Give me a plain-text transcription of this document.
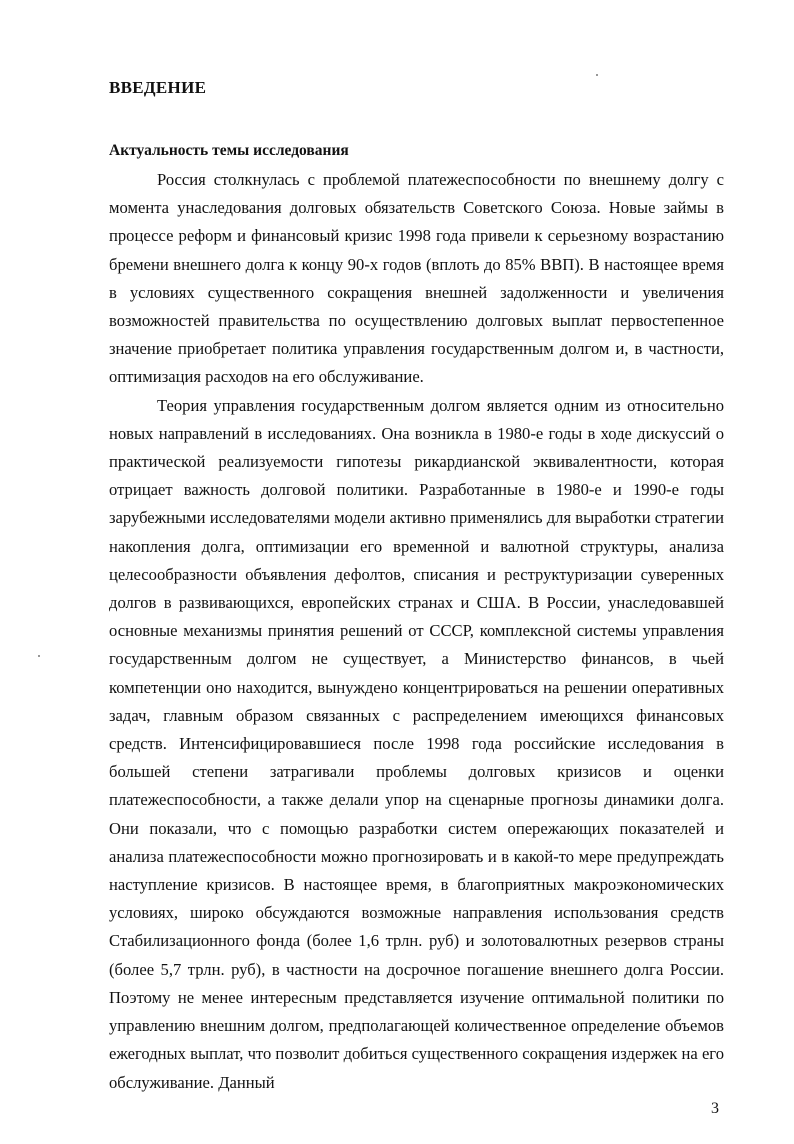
ВВЕДЕНИЕ
Актуальность темы исследования

Россия столкнулась с проблемой платежеспособности по внешнему долгу с момента унаследования долговых обязательств Советского Союза. Новые займы в процессе реформ и финансовый кризис 1998 года привели к серьезному возрастанию бремени внешнего долга к концу 90-х годов (вплоть до 85% ВВП). В настоящее время в условиях существенного сокращения внешней задолженности и увеличения возможностей правительства по осуществлению долговых выплат первостепенное значение приобретает политика управления государственным долгом и, в частности, оптимизация расходов на его обслуживание.

Теория управления государственным долгом является одним из относительно новых направлений в исследованиях. Она возникла в 1980-е годы в ходе дискуссий о практической реализуемости гипотезы рикардианской эквивалентности, которая отрицает важность долговой политики. Разработанные в 1980-е и 1990-е годы зарубежными исследователями модели активно применялись для выработки стратегии накопления долга, оптимизации его временной и валютной структуры, анализа целесообразности объявления дефолтов, списания и реструктуризации суверенных долгов в развивающихся, европейских странах и США. В России, унаследовавшей основные механизмы принятия решений от СССР, комплексной системы управления государственным долгом не существует, а Министерство финансов, в чьей компетенции оно находится, вынуждено концентрироваться на решении оперативных задач, главным образом связанных с распределением имеющихся финансовых средств. Интенсифицировавшиеся после 1998 года российские исследования в большей степени затрагивали проблемы долговых кризисов и оценки платежеспособности, а также делали упор на сценарные прогнозы динамики долга. Они показали, что с помощью разработки систем опережающих показателей и анализа платежеспособности можно прогнозировать и в какой-то мере предупреждать наступление кризисов. В настоящее время, в благоприятных макроэкономических условиях, широко обсуждаются возможные направления использования средств Стабилизационного фонда (более 1,6 трлн. руб) и золотовалютных резервов страны (более 5,7 трлн. руб), в частности на досрочное погашение внешнего долга России. Поэтому не менее интересным представляется изучение оптимальной политики по управлению внешним долгом, предполагающей количественное определение объемов ежегодных выплат, что позволит добиться существенного сокращения издержек на его обслуживание. Данный

3
